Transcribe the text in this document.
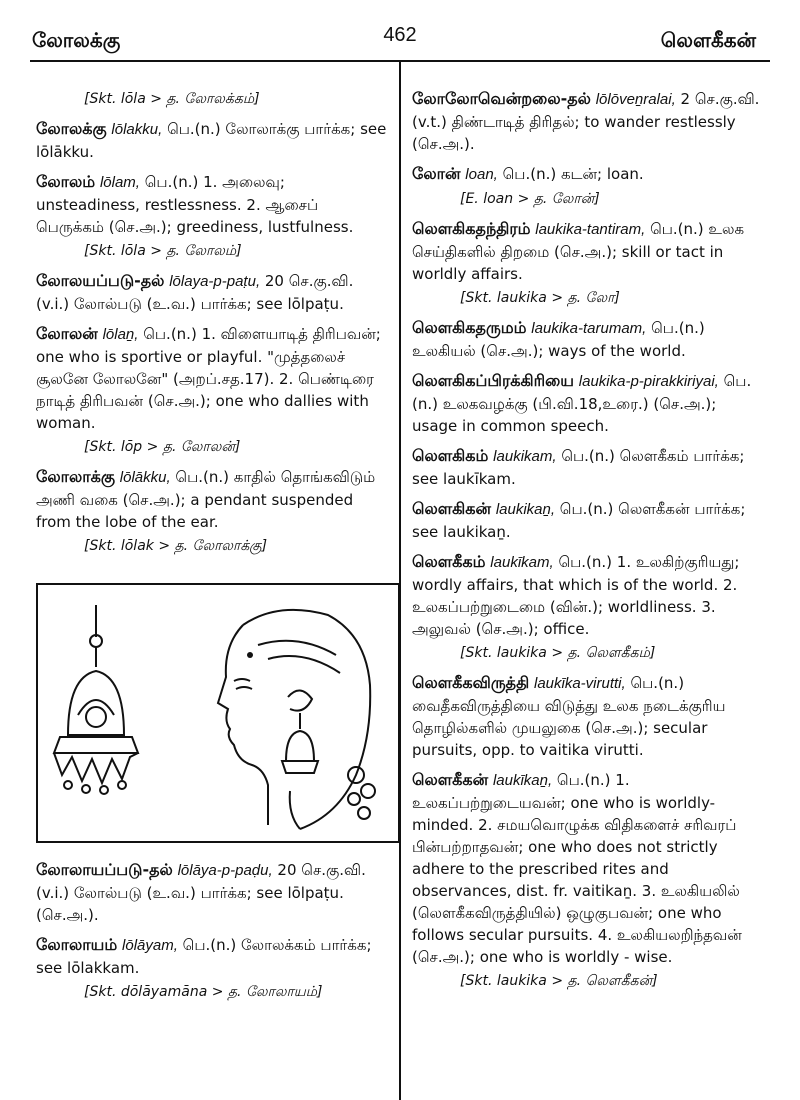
லோலக்கு	462	லௌகீகன்
[Skt. lōla > த. லோலக்கம்]

லோலக்கு lōlakku, பெ.(n.) லோலாக்கு பார்க்க; see lōlākku.

லோலம் lōlam, பெ.(n.) 1. அலைவு; unsteadiness, restlessness. 2. ஆசைப் பெருக்கம் (செ.அ.); greediness, lustfulness.

[Skt. lōla > த. லோலம்]

லோலயப்படு-தல் lōlaya-p-paṭu, 20 செ.கு.வி. (v.i.) லோல்படு (உ.வ.) பார்க்க; see lōlpaṭu.

லோலன் lōlaṉ, பெ.(n.) 1. விளையாடித் திரிபவன்; one who is sportive or playful. "முத்தலைச் சூலனே லோலனே" (அறப்.சத.17). 2. பெண்டிரை நாடித் திரிபவன் (செ.அ.); one who dallies with woman.

[Skt. lōp > த. லோலன்]

லோலாக்கு lōlākku, பெ.(n.) காதில் தொங்கவிடும் அணி வகை (செ.அ.); a pendant suspended from the lobe of the ear.

[Skt. lōlak > த. லோலாக்கு]

லோலாயப்படு-தல் lōlāya-p-paḍu, 20 செ.கு.வி. (v.i.) லோல்படு (உ.வ.) பார்க்க; see lōlpaṭu.(செ.அ.).

லோலாயம் lōlāyam, பெ.(n.) லோலக்கம் பார்க்க; see lōlakkam.

[Skt. dōlāyamāna > த. லோலாயம்]

லோலோவென்றலை-தல் lōlōveṉralai, 2 செ.கு.வி. (v.t.) திண்டாடித் திரிதல்; to wander restlessly (செ.அ.).

லோன் loan, பெ.(n.) கடன்; loan.

[E. loan > த. லோன்]

லௌகிகதந்திரம் laukika-tantiram, பெ.(n.) உலக செய்திகளில் திறமை (செ.அ.); skill or tact in worldly affairs.

[Skt. laukika > த. லோ]

லௌகிகதருமம் laukika-tarumam, பெ.(n.) உலகியல் (செ.அ.); ways of the world.

லௌகிகப்பிரக்கிரியை laukika-p-pirakkiriyai, பெ.(n.) உலகவழக்கு (பி.வி.18,உரை.) (செ.அ.); usage in common speech.

லௌகிகம் laukikam, பெ.(n.) லௌகீகம் பார்க்க; see laukīkam.

லௌகிகன் laukikaṉ, பெ.(n.) லௌகீகன் பார்க்க; see laukikaṉ.

லௌகீகம் laukīkam, பெ.(n.) 1. உலகிற்குரியது; wordly affairs, that which is of the world. 2. உலகப்பற்றுடைமை (வின்.); worldliness. 3. அலுவல் (செ.அ.); office.

[Skt. laukika > த. லௌகீகம்]

லௌகீகவிருத்தி laukīka-virutti, பெ.(n.) வைதீகவிருத்தியை விடுத்து உலக நடைக்குரிய தொழில்களில் முயலுகை (செ.அ.); secular pursuits, opp. to vaitika virutti.

லௌகீகன் laukīkaṉ, பெ.(n.) 1. உலகப்பற்றுடையவன்; one who is worldly-minded. 2. சமயவொழுக்க விதிகளைச் சரிவரப் பின்பற்றாதவன்; one who does not strictly adhere to the prescribed rites and observances, dist. fr. vaitikaṉ. 3. உலகியலில் (லௌகீகவிருத்தியில்) ஒழுகுபவன்; one who follows secular pursuits. 4. உலகியலறிந்தவன் (செ.அ.); one who is worldly - wise.

[Skt. laukika > த. லௌகீகன்]
